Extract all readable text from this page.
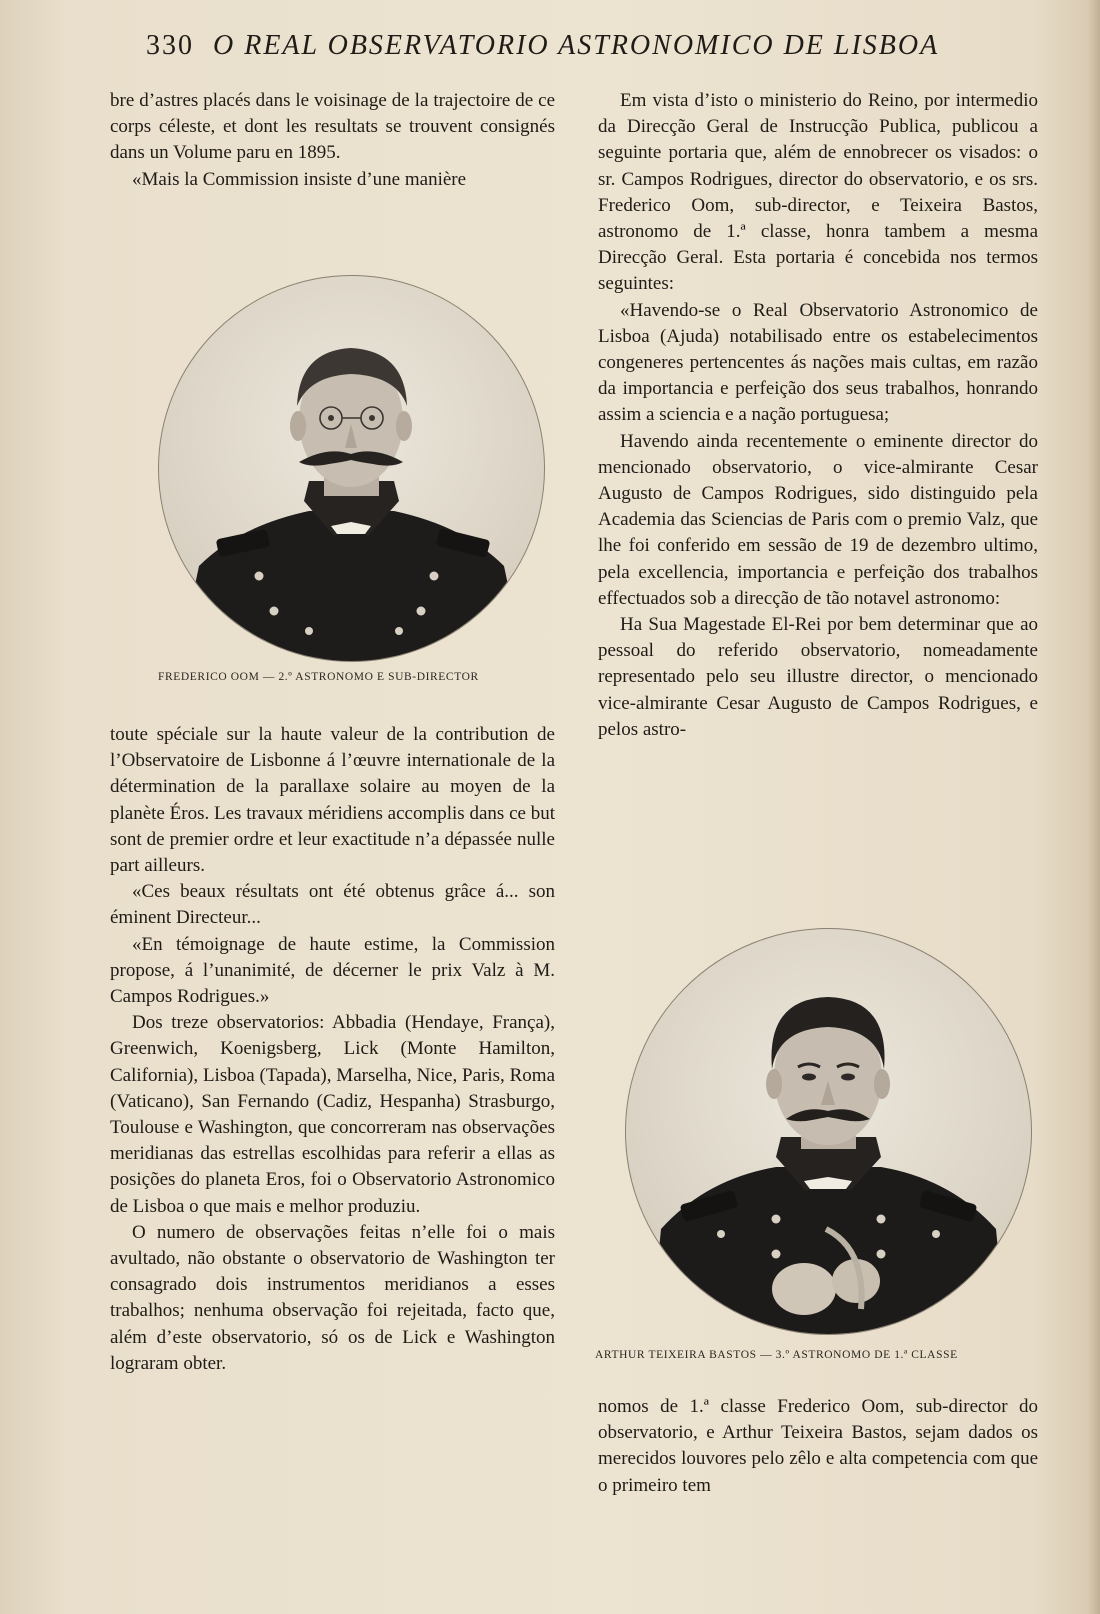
330 O REAL OBSERVATORIO ASTRONOMICO DE LISBOA

bre d’astres placés dans le voisinage de la trajectoire de ce corps céleste, et dont les resultats se trouvent consignés dans un Volume paru en 1895.

«Mais la Commission insiste d’une manière

FREDERICO OOM — 2.º ASTRONOMO E SUB-DIRECTOR

toute spéciale sur la haute valeur de la contribution de l’Observatoire de Lisbonne á l’œuvre internationale de la détermination de la parallaxe solaire au moyen de la planète Éros. Les travaux méridiens accomplis dans ce but sont de premier ordre et leur exactitude n’a dépassée nulle part ailleurs.

«Ces beaux résultats ont été obtenus grâce á... son éminent Directeur...

«En témoignage de haute estime, la Commission propose, á l’unanimité, de décerner le prix Valz à M. Campos Rodrigues.»

Dos treze observatorios: Abbadia (Hendaye, França), Greenwich, Koenigsberg, Lick (Monte Hamilton, California), Lisboa (Tapada), Marselha, Nice, Paris, Roma (Vaticano), San Fernando (Cadiz, Hespanha) Strasburgo, Toulouse e Washington, que concorreram nas observações meridianas das estrellas escolhidas para referir a ellas as posições do planeta Eros, foi o Observatorio Astronomico de Lisboa o que mais e melhor produziu.

O numero de observações feitas n’elle foi o mais avultado, não obstante o observatorio de Washington ter consagrado dois instrumentos meridianos a esses trabalhos; nenhuma observação foi rejeitada, facto que, além d’este observatorio, só os de Lick e Washington lograram obter.

Em vista d’isto o ministerio do Reino, por intermedio da Direcção Geral de Instrucção Publica, publicou a seguinte portaria que, além de ennobrecer os visados: o sr. Campos Rodrigues, director do observatorio, e os srs. Frederico Oom, sub-director, e Teixeira Bastos, astronomo de 1.ª classe, honra tambem a mesma Direcção Geral. Esta portaria é concebida nos termos seguintes:

«Havendo-se o Real Observatorio Astronomico de Lisboa (Ajuda) notabilisado entre os estabelecimentos congeneres pertencentes ás nações mais cultas, em razão da importancia e perfeição dos seus trabalhos, honrando assim a sciencia e a nação portuguesa;

Havendo ainda recentemente o eminente director do mencionado observatorio, o vice-almirante Cesar Augusto de Campos Rodrigues, sido distinguido pela Academia das Sciencias de Paris com o premio Valz, que lhe foi conferido em sessão de 19 de dezembro ultimo, pela excellencia, importancia e perfeição dos trabalhos effectuados sob a direcção de tão notavel astronomo:

Ha Sua Magestade El-Rei por bem determinar que ao pessoal do referido observatorio, nomeadamente representado pelo seu illustre director, o mencionado vice-almirante Cesar Augusto de Campos Rodrigues, e pelos astro-

ARTHUR TEIXEIRA BASTOS — 3.º ASTRONOMO DE 1.ª CLASSE

nomos de 1.ª classe Frederico Oom, sub-director do observatorio, e Arthur Teixeira Bastos, sejam dados os merecidos louvores pelo zêlo e alta competencia com que o primeiro tem
